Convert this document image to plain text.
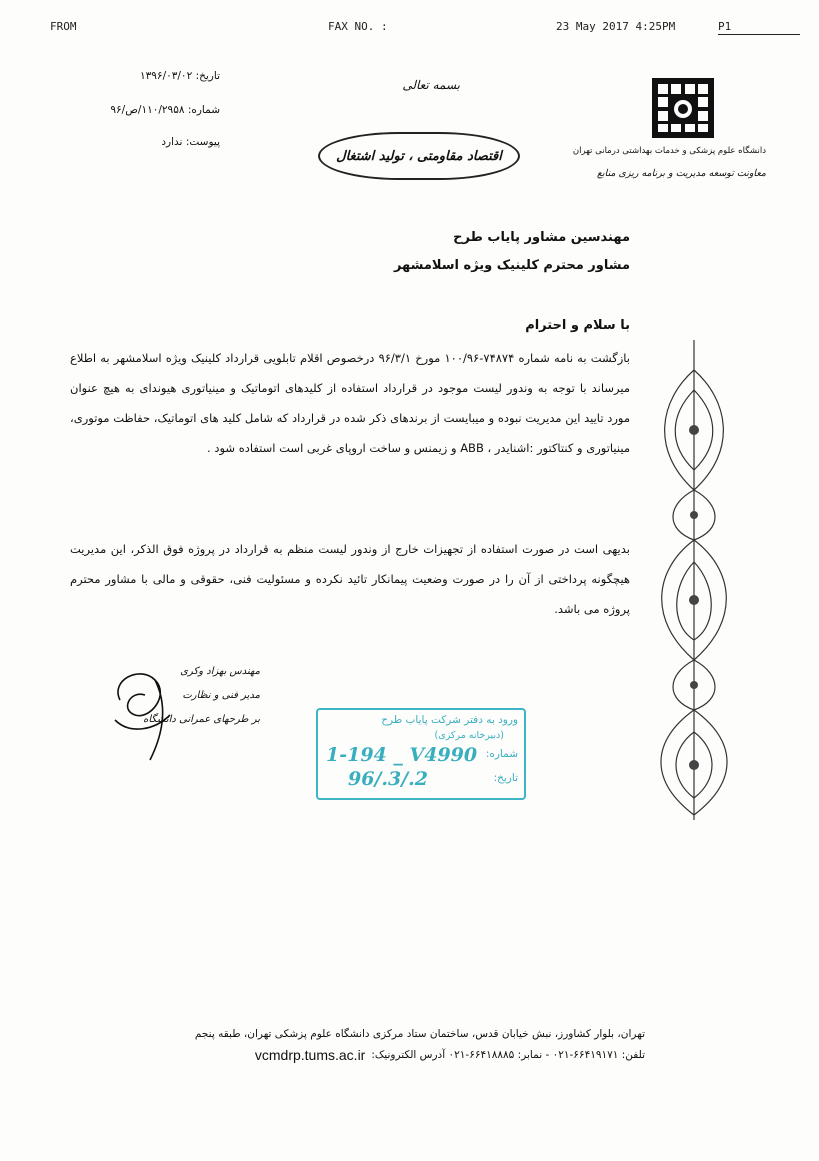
FROM	FAX NO. :	23 May 2017 4:25PM	P1
تاریخ: ۱۳۹۶/۰۳/۰۲
شماره: ۱۱۰/۲۹۵۸/ص/۹۶
پیوست: ندارد
بسمه تعالی
اقتصاد مقاومتی ، تولید اشتغال	دانشگاه علوم پزشکی و خدمات بهداشتی درمانی تهران
معاونت توسعه مدیریت و برنامه ریزی منابع
مهندسین مشاور پایاب طرح
مشاور محترم کلینیک ویژه اسلامشهر
با سلام و احترام
بازگشت به نامه شماره ۷۴۸۷۴-۱۰۰/۹۶ مورخ ۹۶/۳/۱ درخصوص اقلام تابلویی قرارداد کلینیک ویژه اسلامشهر به اطلاع میرساند با توجه به وندور لیست موجود در قرارداد استفاده از کلیدهای اتوماتیک و مینیاتوری هیوندای به هیچ عنوان مورد تایید این مدیریت نبوده و میبایست از برندهای ذکر شده در قرارداد که شامل کلید های اتوماتیک، حفاظت موتوری، مینیاتوری و کنتاکتور :اشنایدر ، ABB و زیمنس و ساخت اروپای غربی است استفاده شود .
بدیهی است در صورت استفاده از تجهیزات خارج از وندور لیست منظم به قرارداد در پروژه فوق الذکر، این مدیریت هیچگونه پرداختی از آن را در صورت وضعیت پیمانکار تائید نکرده و مسئولیت فنی، حقوقی و مالی با مشاور محترم پروژه می باشد.
مهندس بهزاد وکری
مدیر فنی و نظارت
بر طرحهای عمرانی دانشگاه	ورود به دفتر شرکت پایاب طرح
(دبیرخانه مرکزی)
شماره:
1-194 _ V4990
تاریخ:
96/.3/.2
تهران، بلوار کشاورز، نبش خیابان قدس، ساختمان ستاد مرکزی دانشگاه علوم پزشکی تهران، طبقه پنجم
تلفن: ۶۶۴۱۹۱۷۱-۰۲۱ - نمابر: ۶۶۴۱۸۸۸۵-۰۲۱ آدرس الکترونیک:
vcmdrp.tums.ac.ir
